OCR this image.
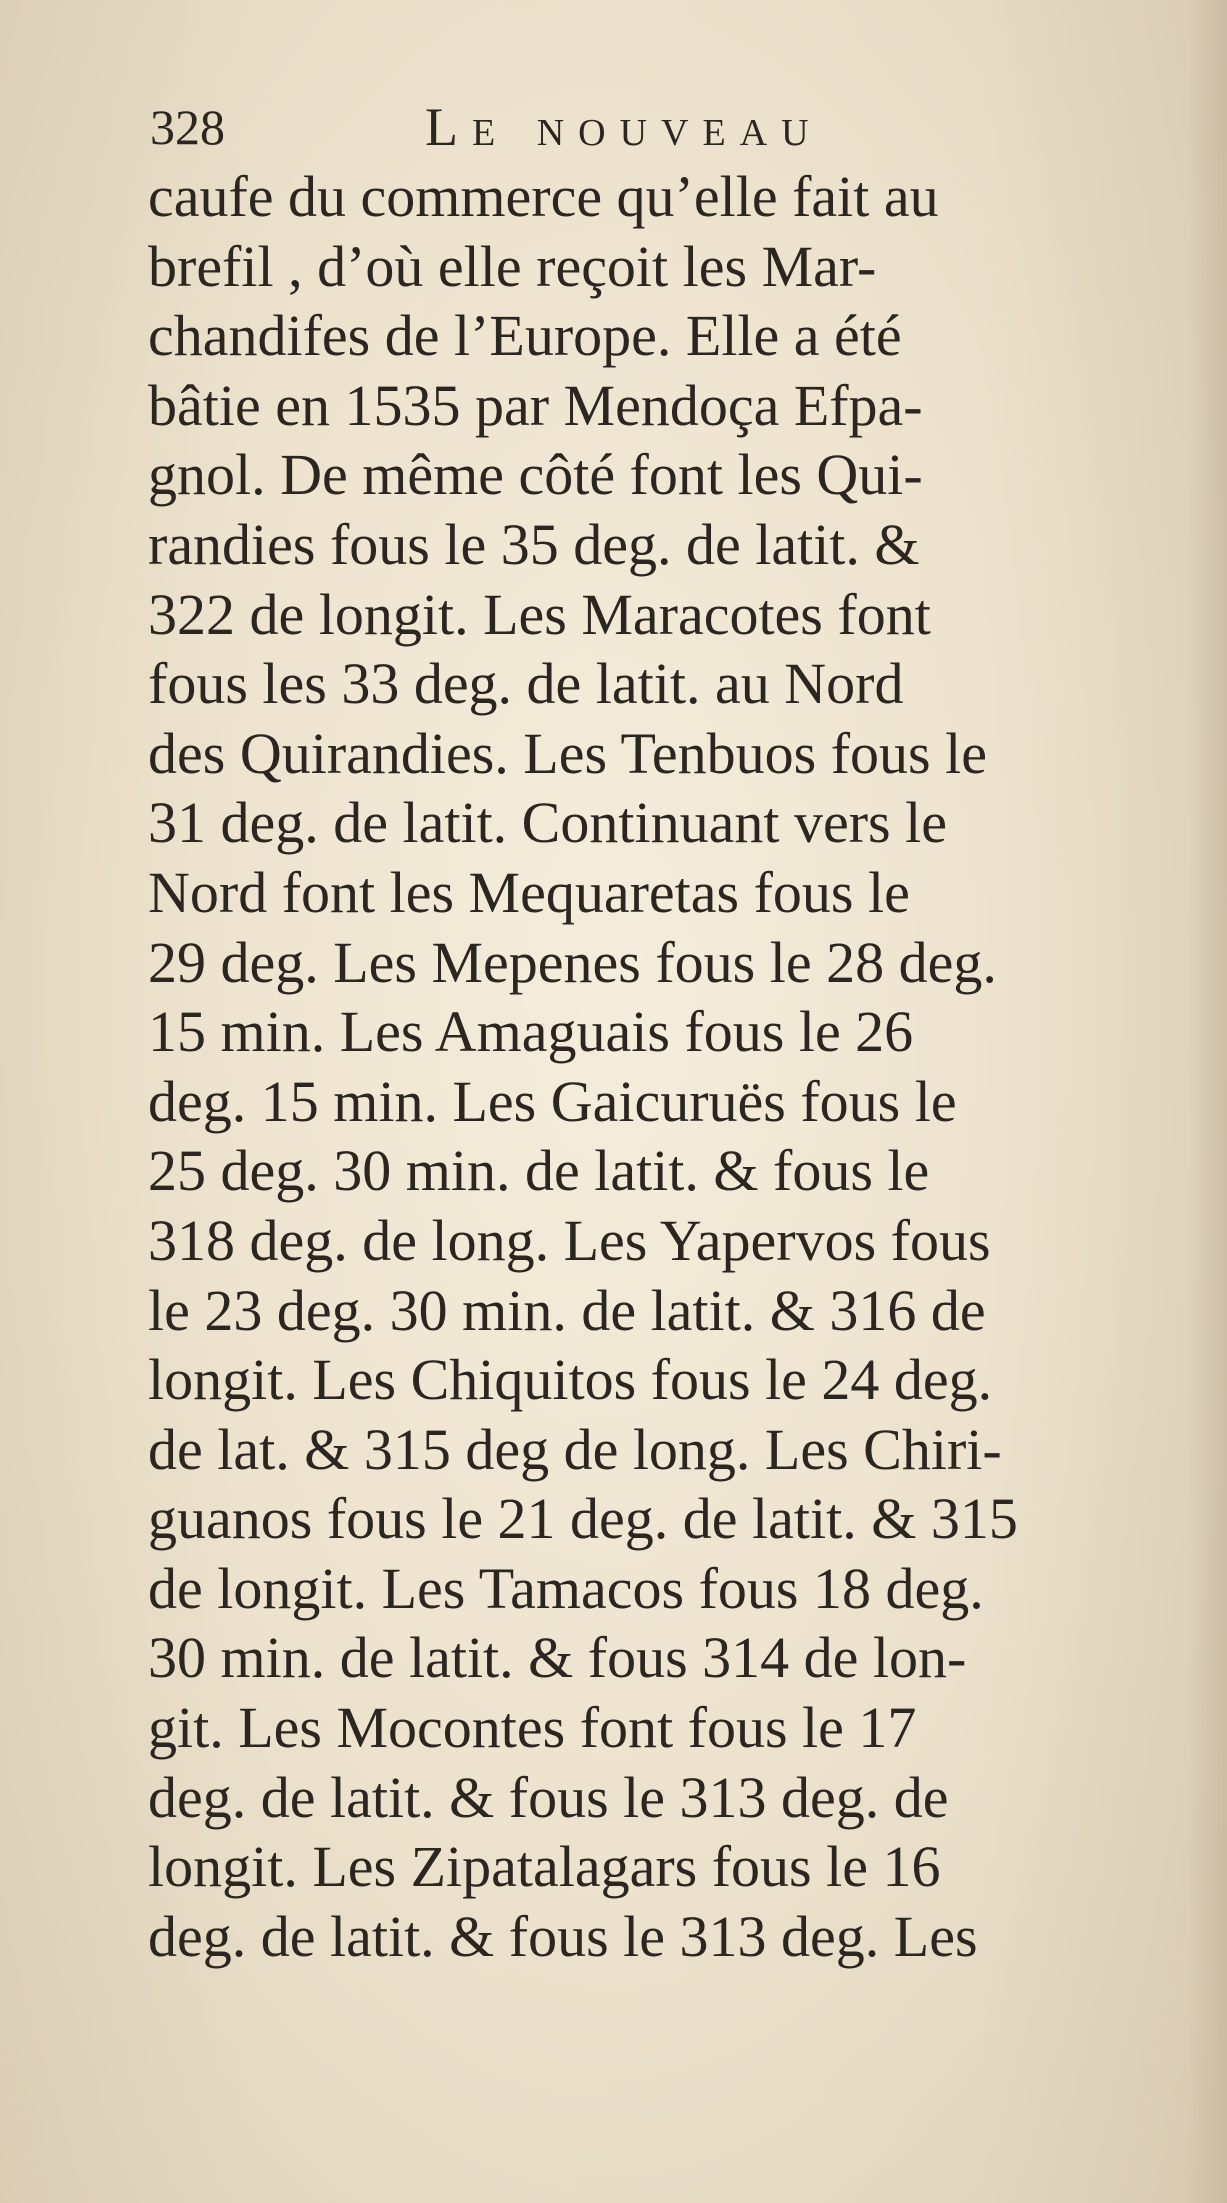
328	Le nouveau
caufe du commerce qu’elle fait au
brefil , d’où elle reçoit les Mar-
chandifes de l’Europe. Elle a été
bâtie en 1535 par Mendoça Efpa-
gnol. De même côté font les Qui-
randies fous le 35 deg. de latit. &
322 de longit. Les Maracotes font
fous les 33 deg. de latit. au Nord
des Quirandies. Les Tenbuos fous le
31 deg. de latit. Continuant vers le
Nord font les Mequaretas fous le
29 deg. Les Mepenes fous le 28 deg.
15 min. Les Amaguais fous le 26
deg. 15 min. Les Gaicuruës fous le
25 deg. 30 min. de latit. & fous le
318 deg. de long. Les Yapervos fous
le 23 deg. 30 min. de latit. & 316 de
longit. Les Chiquitos fous le 24 deg.
de lat. & 315 deg de long. Les Chiri-
guanos fous le 21 deg. de latit. & 315
de longit. Les Tamacos fous 18 deg.
30 min. de latit. & fous 314 de lon-
git. Les Mocontes font fous le 17
deg. de latit. & fous le 313 deg. de
longit. Les Zipatalagars fous le 16
deg. de latit. & fous le 313 deg. Les
